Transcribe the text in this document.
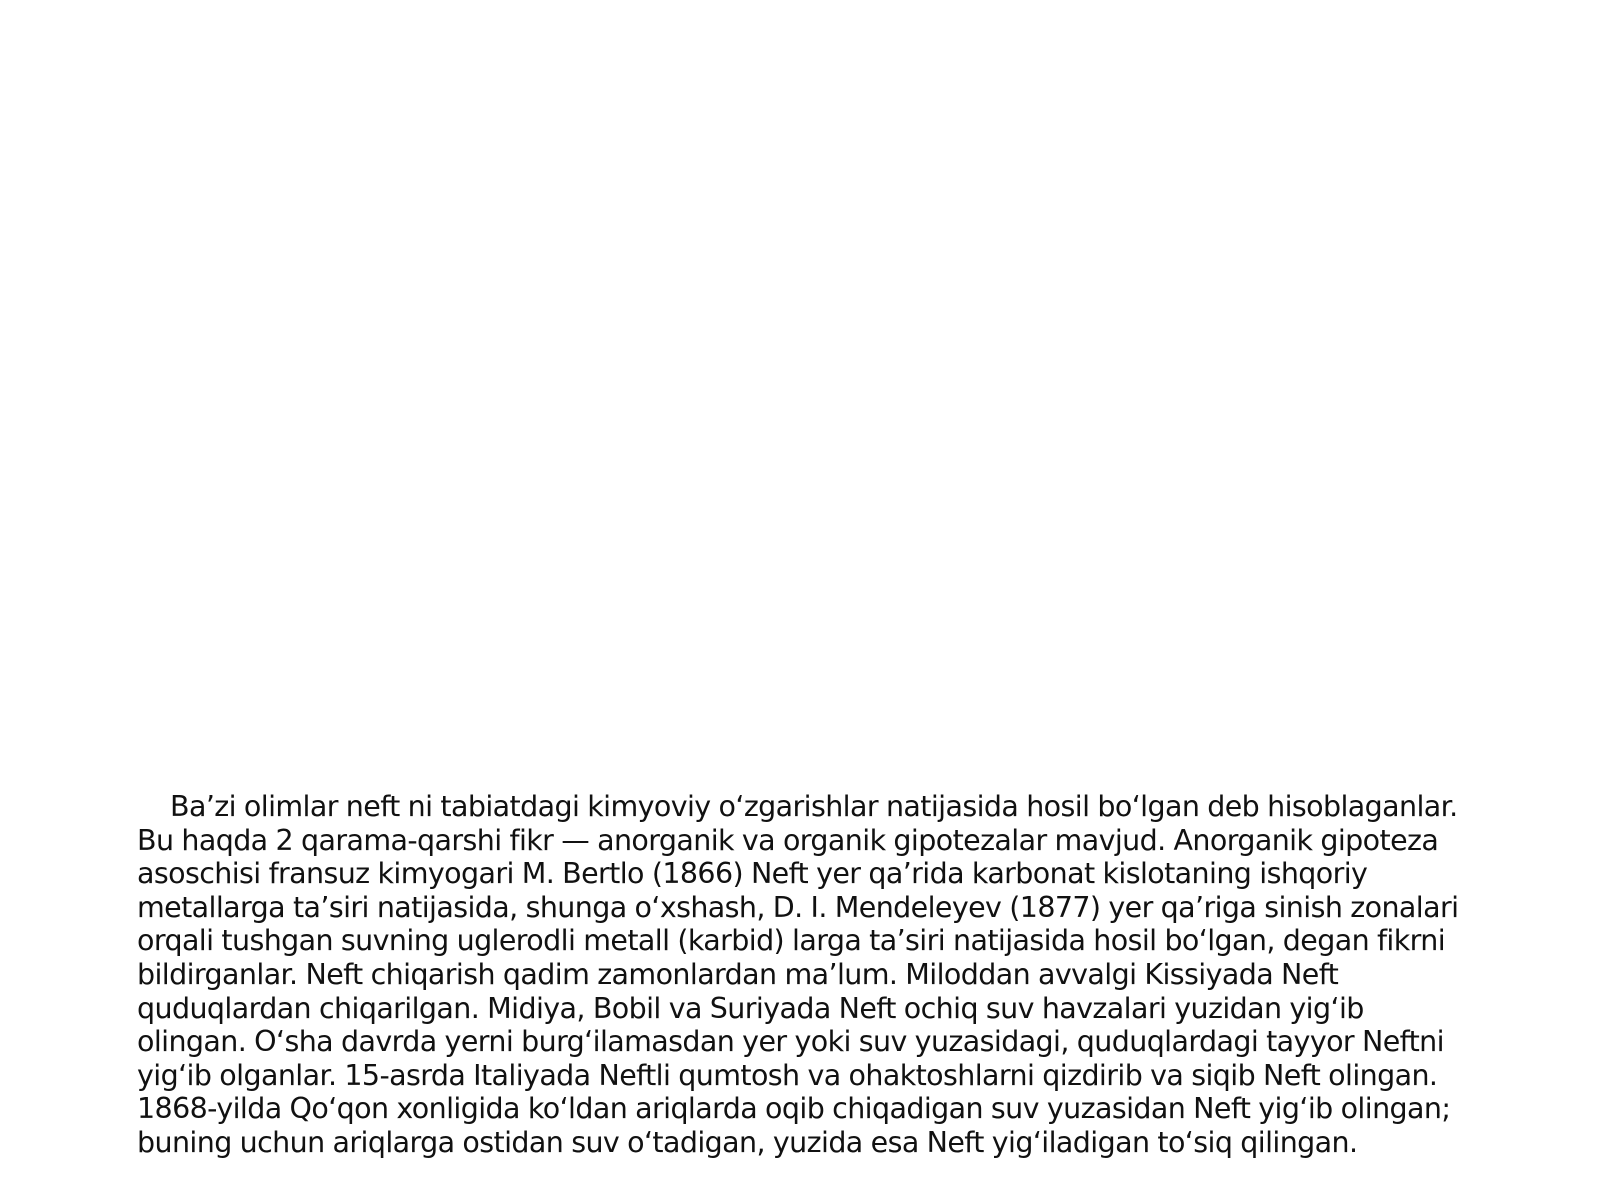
Ba’zi olimlar neft ni tabiatdagi kimyoviy o‘zgarishlar natijasida hosil bo‘lgan deb hisoblaganlar. Bu haqda 2 qarama-qarshi fikr — anorganik va organik gipotezalar mavjud. Anorganik gipoteza asoschisi fransuz kimyogari M. Bertlo (1866) Neft yer qa’rida karbonat kislotaning ishqoriy metallarga ta’siri natijasida, shunga o‘xshash, D. I. Mendeleyev (1877) yer qa’riga sinish zonalari orqali tushgan suvning uglerodli metall (karbid) larga ta’siri natijasida hosil bo‘lgan, degan fikrni bildirganlar. Neft chiqarish qadim zamonlardan ma’lum. Miloddan avvalgi Kissiyada Neft quduqlardan chiqarilgan. Midiya, Bobil va Suriyada Neft ochiq suv havzalari yuzidan yig‘ib olingan. O‘sha davrda yerni burg‘ilamasdan yer yoki suv yuzasidagi, quduqlardagi tayyor Neftni yig‘ib olganlar. 15-asrda Italiyada Neftli qumtosh va ohaktoshlarni qizdirib va siqib Neft olingan. 1868-yilda Qo‘qon xonligida ko‘ldan ariqlarda oqib chiqadigan suv yuzasidan Neft yig‘ib olingan; buning uchun ariqlarga ostidan suv o‘tadigan, yuzida esa Neft yig‘iladigan to‘siq qilingan.
